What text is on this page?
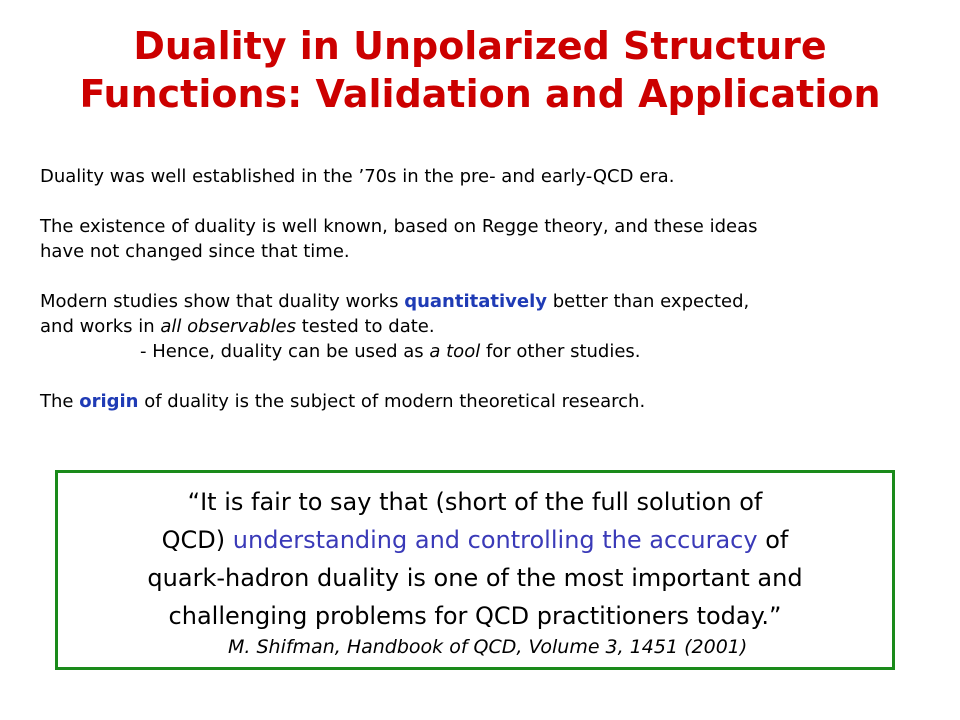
Duality in Unpolarized Structure
Functions: Validation and Application

Duality was well established in the ’70s in the pre- and early-QCD era.

The existence of duality is well known, based on Regge theory, and these ideas

have not changed since that time.

Modern studies show that duality works quantitatively better than expected,

and works in all observables tested to date.

- Hence, duality can be used as a tool for other studies.

The origin of duality is the subject of modern theoretical research.

“It is fair to say that (short of the full solution of
QCD) understanding and controlling the accuracy of
quark-hadron duality is one of the most important and
challenging problems for QCD practitioners today.”
M. Shifman, Handbook of QCD, Volume 3, 1451 (2001)
